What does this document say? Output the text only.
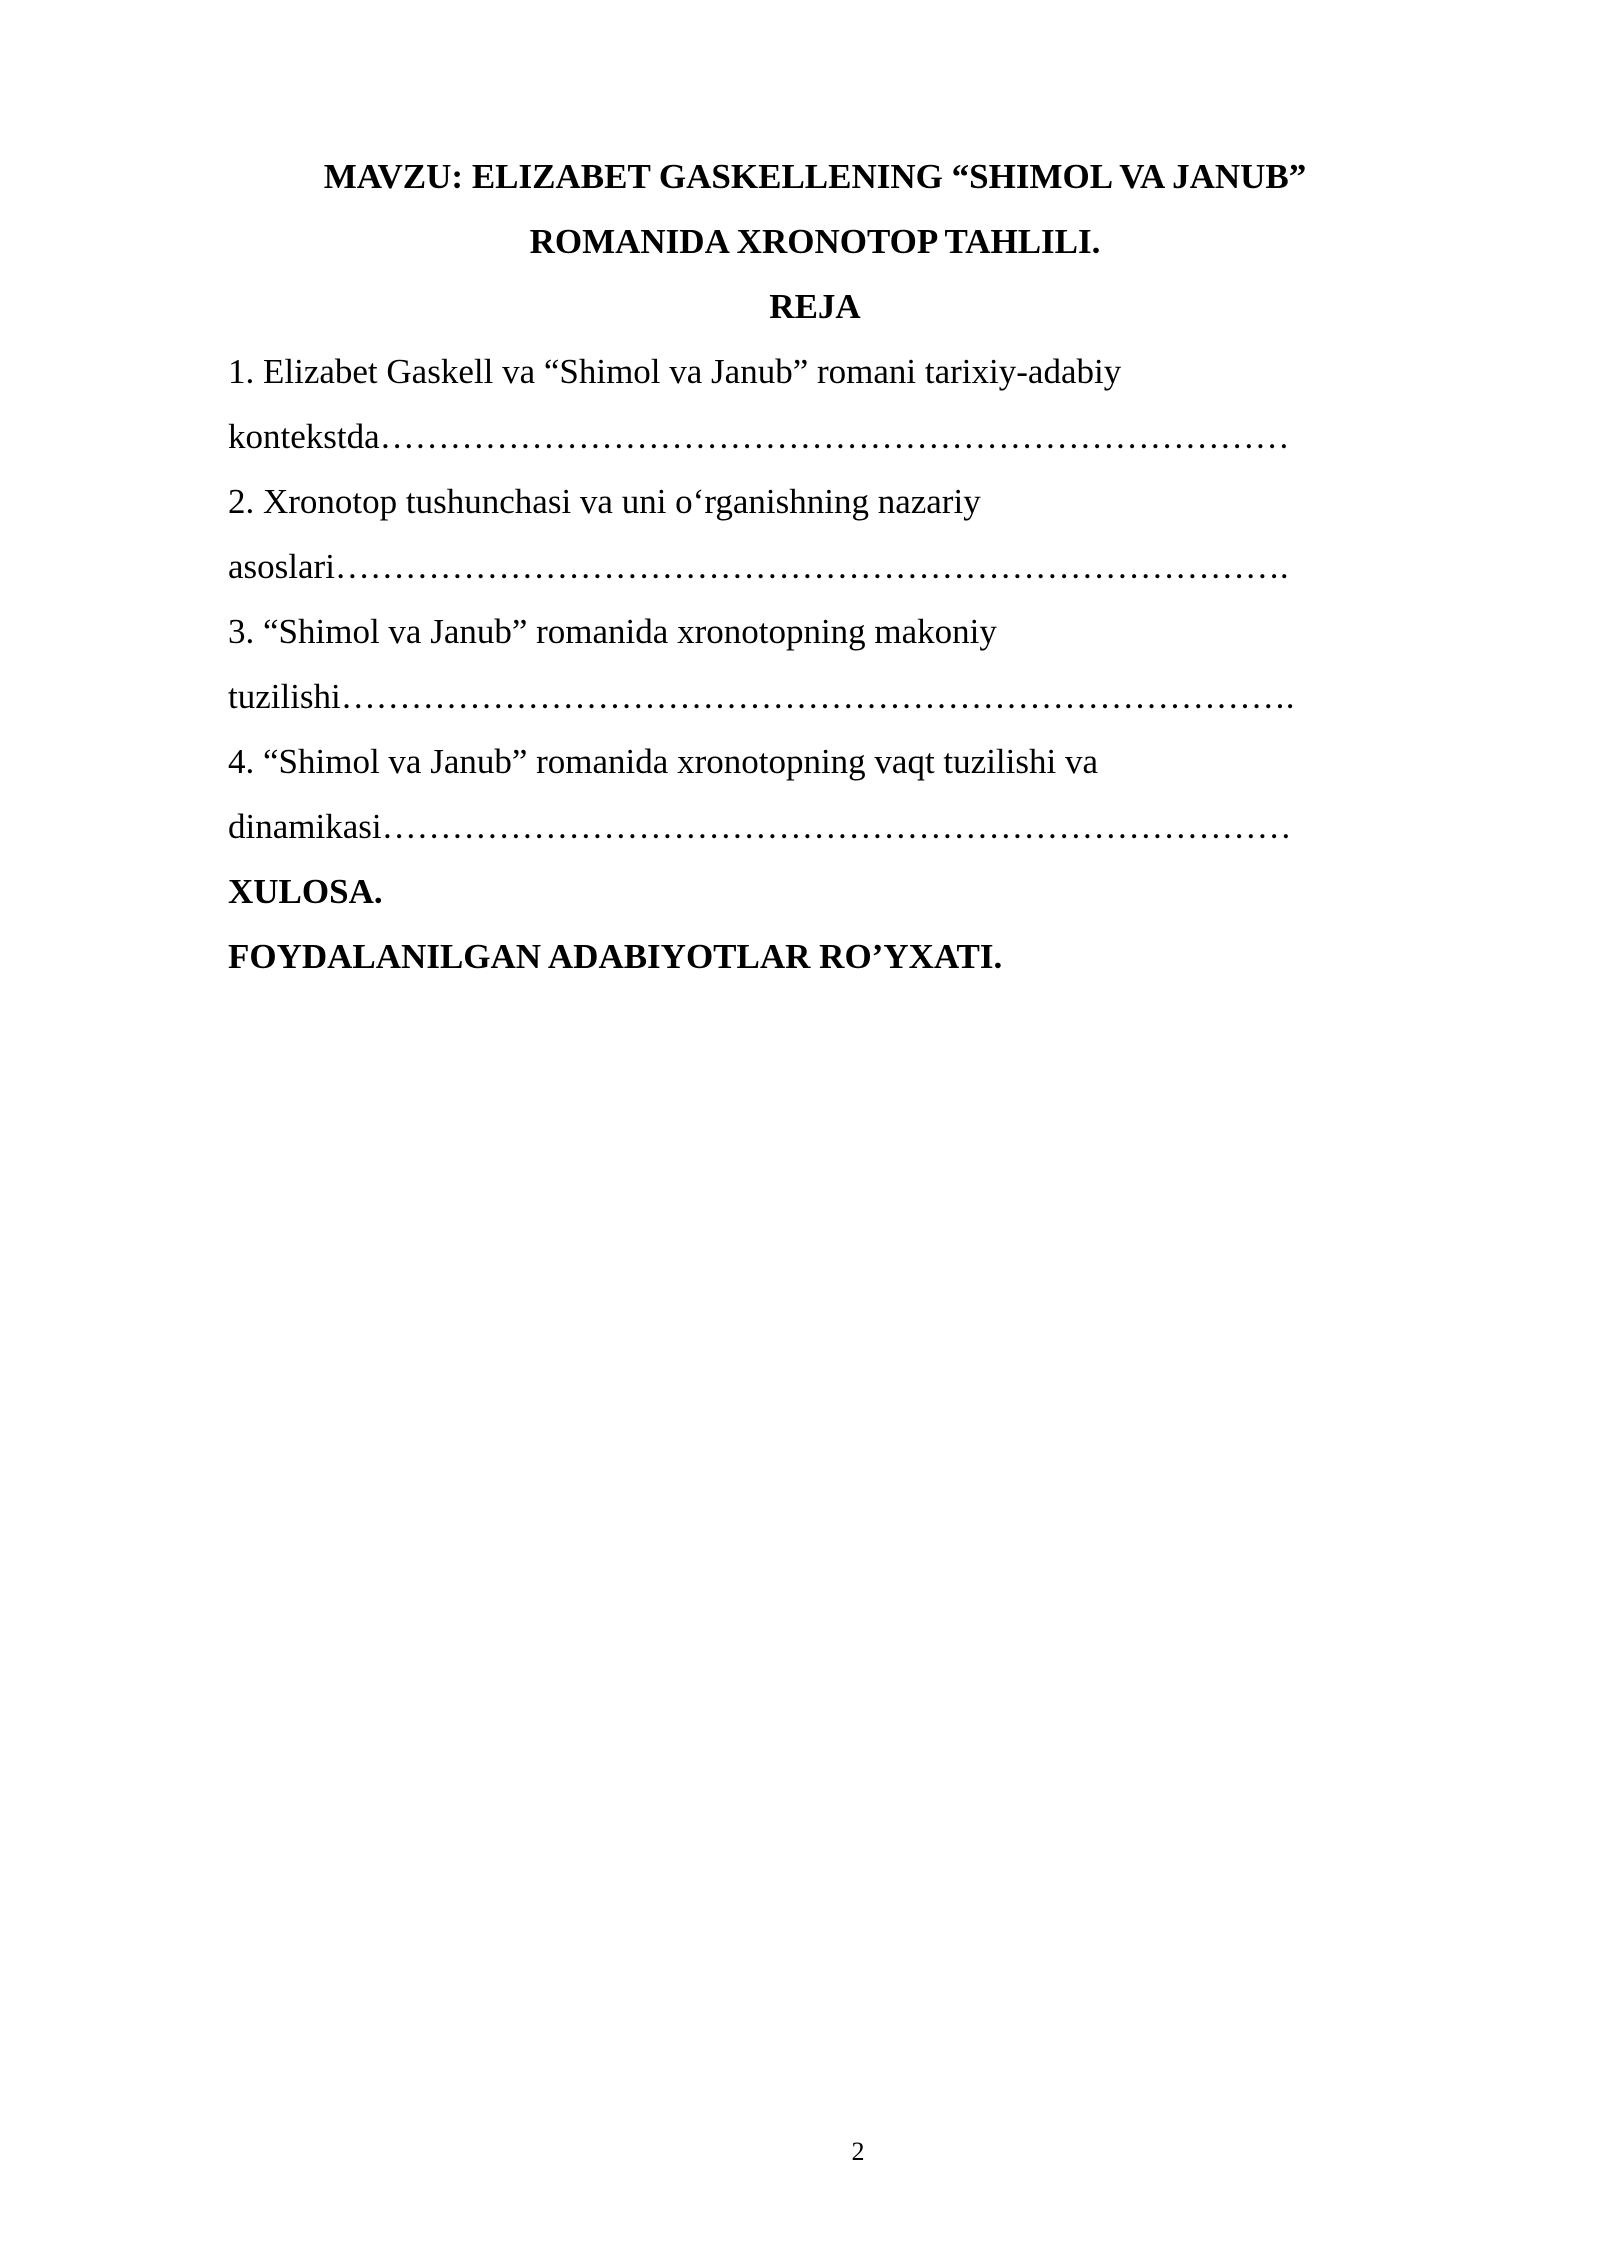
MAVZU: ELIZABET GASKELLENING “SHIMOL VA JANUB”
ROMANIDA XRONOTOP TAHLILI.
REJA
1. Elizabet Gaskell va “Shimol va Janub” romani tarixiy-adabiy
kontekstda……………………………………………………………………
2. Xronotop tushunchasi va uni o‘rganishning nazariy
asoslari……………………………………………………………………….
3. “Shimol va Janub” romanida xronotopning makoniy
tuzilishi……………………………………………………………………….
4. “Shimol va Janub” romanida xronotopning vaqt tuzilishi va
dinamikasi……………………………………………………………………
XULOSA.
FOYDALANILGAN ADABIYOTLAR RO’YXATI.
2
